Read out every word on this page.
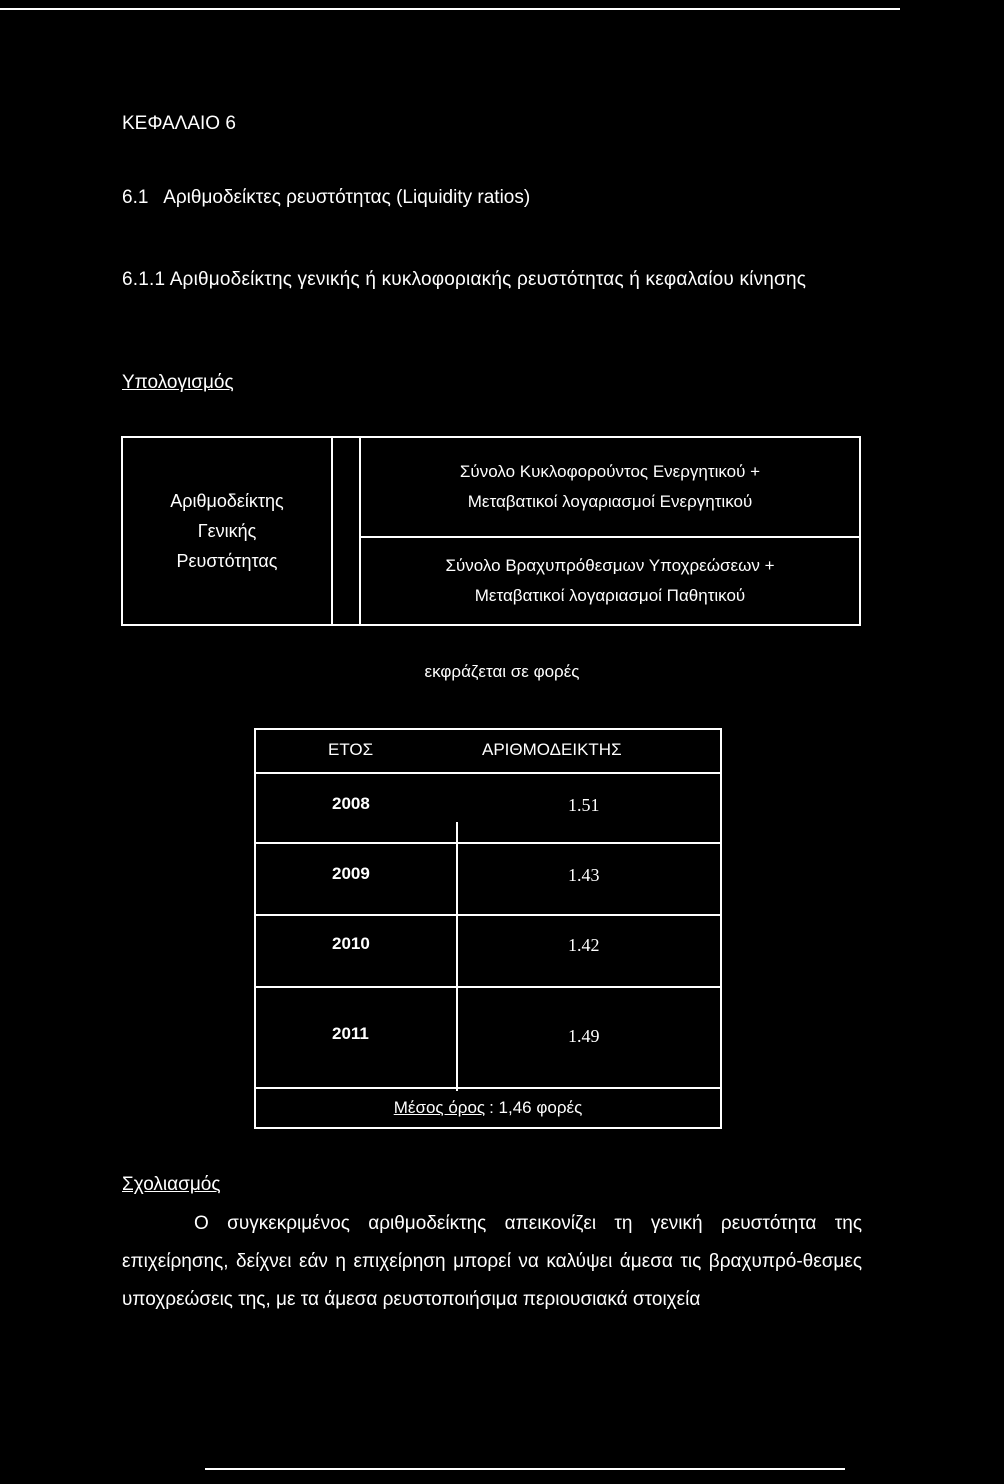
ΚΕΦΑΛΑΙΟ 6
6.1   Αριθμοδείκτες ρευστότητας (Liquidity ratios)
6.1.1 Αριθμοδείκτης γενικής ή κυκλοφοριακής ρευστότητας ή κεφαλαίου κίνησης
Υπολογισμός
Αριθμοδείκτης
Γενικής
Ρευστότητας
Σύνολο Κυκλοφορούντος Ενεργητικού +
Μεταβατικοί λογαριασμοί Ενεργητικού
Σύνολο Βραχυπρόθεσμων Υποχρεώσεων +
Μεταβατικοί λογαριασμοί Παθητικού
εκφράζεται σε φορές
ΕΤΟΣ	ΑΡΙΘΜΟΔΕΙΚΤΗΣ
2008	1.51
2009	1.43
2010	1.42
2011	1.49
Μέσος όρος : 1,46 φορές
Σχολιασμός
Ο συγκεκριμένος αριθμοδείκτης απεικονίζει τη γενική ρευστότητα της επιχείρησης, δείχνει εάν η επιχείρηση μπορεί να καλύψει άμεσα τις βραχυπρό-θεσμες υποχρεώσεις της, με τα άμεσα ρευστοποιήσιμα περιουσιακά στοιχεία
